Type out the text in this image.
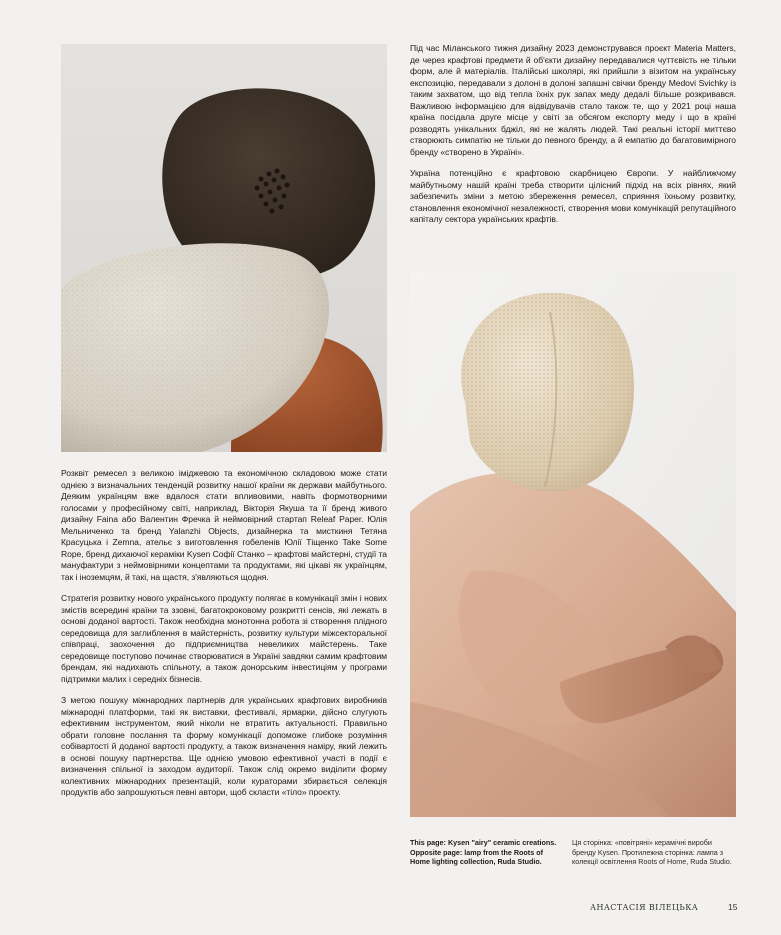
Під час Міланського тижня дизайну 2023 демонструвався проєкт Materia Matters, де через крафтові предмети й об'єкти дизайну передавалися чуттєвість не тільки форм, але й матеріалів. Італійські школярі, які прийшли з візитом на українську експозицію, передавали з долоні в долоні запашні свічки бренду Medovi Svichky із таким захватом, що від тепла їхніх рук запах меду дедалі більше розкривався. Важливою інформацією для відвідувачів стало також те, що у 2021 році наша країна посідала друге місце у світі за обсягом експорту меду і що в країні розводять унікальних бджіл, які не жалять людей. Такі реальні історії миттєво створюють симпатію не тільки до певного бренду, а й емпатію до багатовимірного бренду «створено в Україні».

Україна потенційно є крафтовою скарбницею Європи. У найближчому майбутньому нашій країні треба створити цілісний підхід на всіх рівнях, який забезпечить зміни з метою збереження ремесел, сприяння їхньому розвитку, становлення економічної незалежності, створення мови комунікацій репутаційного капіталу сектора українських крафтів.

Розквіт ремесел з великою іміджевою та економічною складовою може стати однією з визначальних тенденцій розвитку нашої країни як держави майбутнього. Деяким українцям вже вдалося стати впливовими, навіть формотворними голосами у професійному світі, наприклад, Вікторія Якуша та її бренд живого дизайну Faina або Валентин Фречка й неймовірний стартап Releaf Paper. Юлія Мельниченко та бренд Yalanzhi Objects, дизайнерка та мисткиня Тетяна Красуцька і Zemna, ательє з виготовлення гобеленів Юлії Тіщенко Take Some Rope, бренд дихаючої кераміки Kysen Софії Станко – крафтові майстерні, студії та мануфактури з неймовірними концептами та продуктами, які цікаві як українцям, так і іноземцям, й такі, на щастя, з'являються щодня.

Стратегія розвитку нового українського продукту полягає в комунікації змін і нових змістів всередині країни та ззовні, багатокроковому розкритті сенсів, які лежать в основі доданої вартості. Також необхідна монотонна робота зі створення плідного середовища для заглиблення в майстерність, розвитку культури міжсекторальної співпраці, заохочення до підприємництва невеликих майстерень. Таке середовище поступово починає створюватися в Україні завдяки самим крафтовим брендам, які надихають спільноту, а також донорським інвестиціям у програми підтримки малих і середніх бізнесів.

З метою пошуку міжнародних партнерів для українських крафтових виробників міжнародні платформи, такі як виставки, фестивалі, ярмарки, дійсно слугують ефективним інструментом, який ніколи не втратить актуальності. Правильно обрати головне послання та форму комунікації допоможе глибоке розуміння собівартості й доданої вартості продукту, а також визначення наміру, який лежить в основі пошуку партнерства. Ще однією умовою ефективної участі в події є визначення спільної із заходом аудиторії. Також слід окремо виділити форму колективних міжнародних презентацій, коли кураторами збирається селекція продуктів або запрошуються певні автори, щоб скласти «тіло» проєкту.

This page: Kysen "airy" ceramic creations. Opposite page: lamp from the Roots of Home lighting collection, Ruda Studio.

Ця сторінка: «повітряні» керамічні вироби бренду Kysen. Протилежна сторінка: лампа з колекції освітлення Roots of Home, Ruda Studio.

АНАСТАСІЯ ВІЛЕЦЬКА	15
